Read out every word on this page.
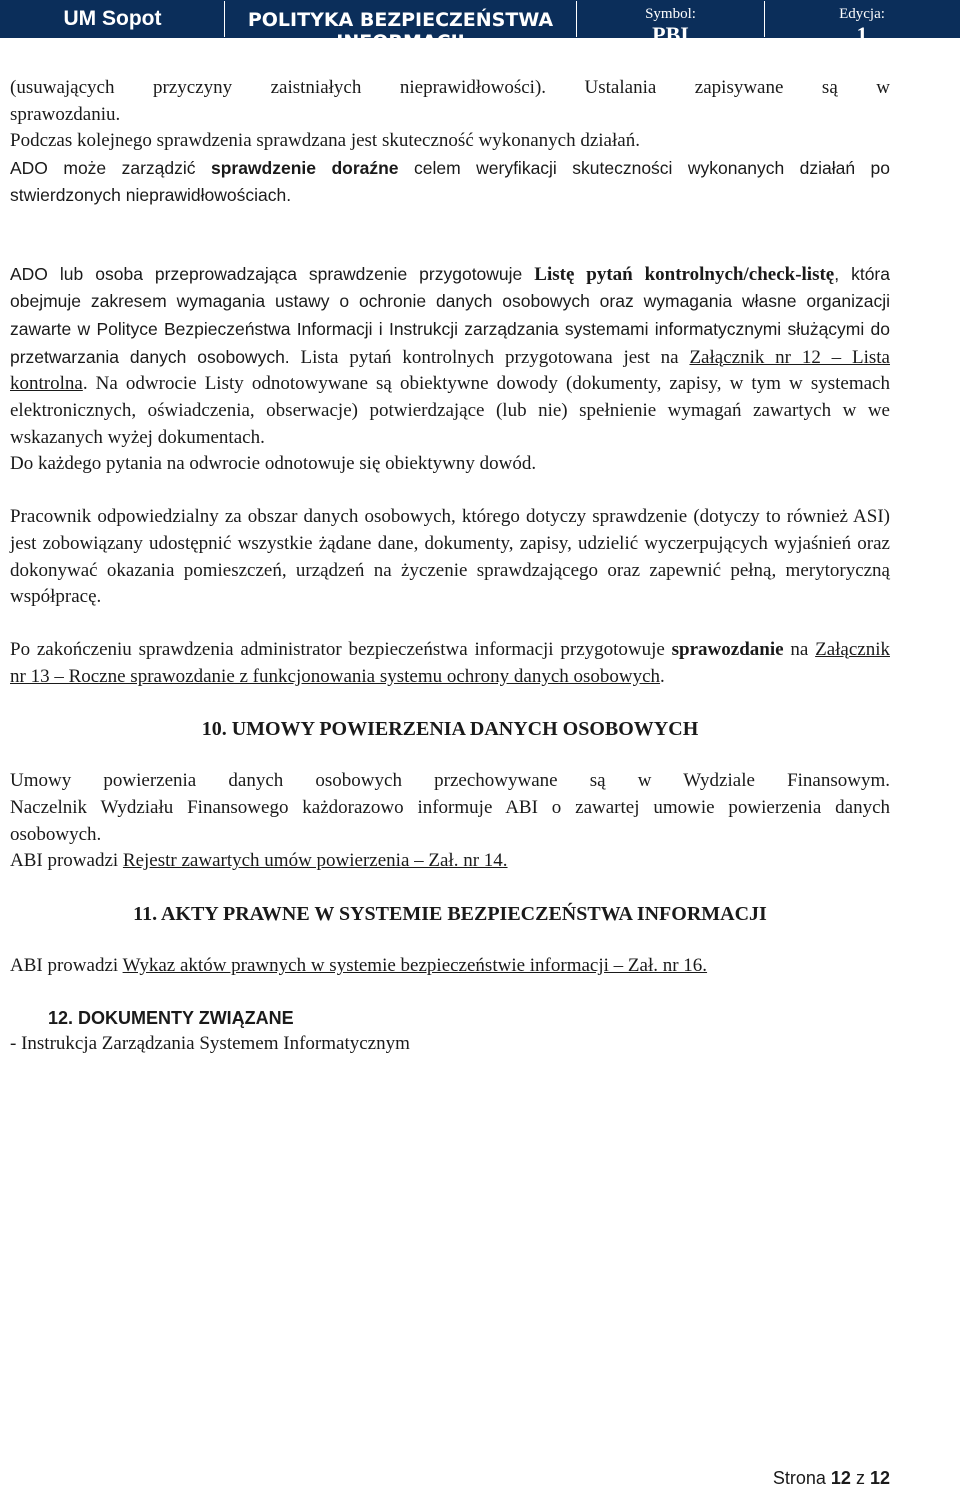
UM Sopot	POLITYKA BEZPIECZEŃSTWA
INFORMACJI
Symbol:
PBI
Edycja:
1

(usuwających przyczyny zaistniałych nieprawidłowości). Ustalania zapisywane są w

sprawozdaniu.

Podczas kolejnego sprawdzenia sprawdzana jest skuteczność wykonanych działań.

ADO może zarządzić sprawdzenie doraźne celem weryfikacji skuteczności wykonanych działań po stwierdzonych nieprawidłowościach.

ADO lub osoba przeprowadzająca sprawdzenie przygotowuje Listę pytań kontrolnych/check-listę, która obejmuje zakresem wymagania ustawy o ochronie danych osobowych oraz wymagania własne organizacji zawarte w Polityce Bezpieczeństwa Informacji i Instrukcji zarządzania systemami informatycznymi służącymi do przetwarzania danych osobowych. Lista pytań kontrolnych przygotowana jest na Załącznik nr 12 – Lista kontrolna. Na odwrocie Listy odnotowywane są obiektywne dowody (dokumenty, zapisy, w tym w systemach elektronicznych, oświadczenia, obserwacje) potwierdzające (lub nie) spełnienie wymagań zawartych w we wskazanych wyżej dokumentach.

Do każdego pytania na odwrocie odnotowuje się obiektywny dowód.

Pracownik odpowiedzialny za obszar danych osobowych, którego dotyczy sprawdzenie (dotyczy to również ASI) jest zobowiązany udostępnić wszystkie żądane dane, dokumenty, zapisy, udzielić wyczerpujących wyjaśnień oraz dokonywać okazania pomieszczeń, urządzeń na życzenie sprawdzającego oraz zapewnić pełną, merytoryczną współpracę.

Po zakończeniu sprawdzenia administrator bezpieczeństwa informacji przygotowuje sprawozdanie na Załącznik nr 13 – Roczne sprawozdanie z funkcjonowania systemu ochrony danych osobowych.

10. UMOWY POWIERZENIA DANYCH OSOBOWYCH

Umowy powierzenia danych osobowych przechowywane są w Wydziale Finansowym.

Naczelnik Wydziału Finansowego każdorazowo informuje ABI o zawartej umowie powierzenia danych osobowych.

ABI prowadzi Rejestr zawartych umów powierzenia – Zał. nr 14.

11. AKTY PRAWNE W SYSTEMIE BEZPIECZEŃSTWA INFORMACJI

ABI prowadzi Wykaz aktów prawnych w systemie bezpieczeństwie informacji – Zał. nr 16.

12. DOKUMENTY ZWIĄZANE

- Instrukcja Zarządzania Systemem Informatycznym

Strona 12 z 12
